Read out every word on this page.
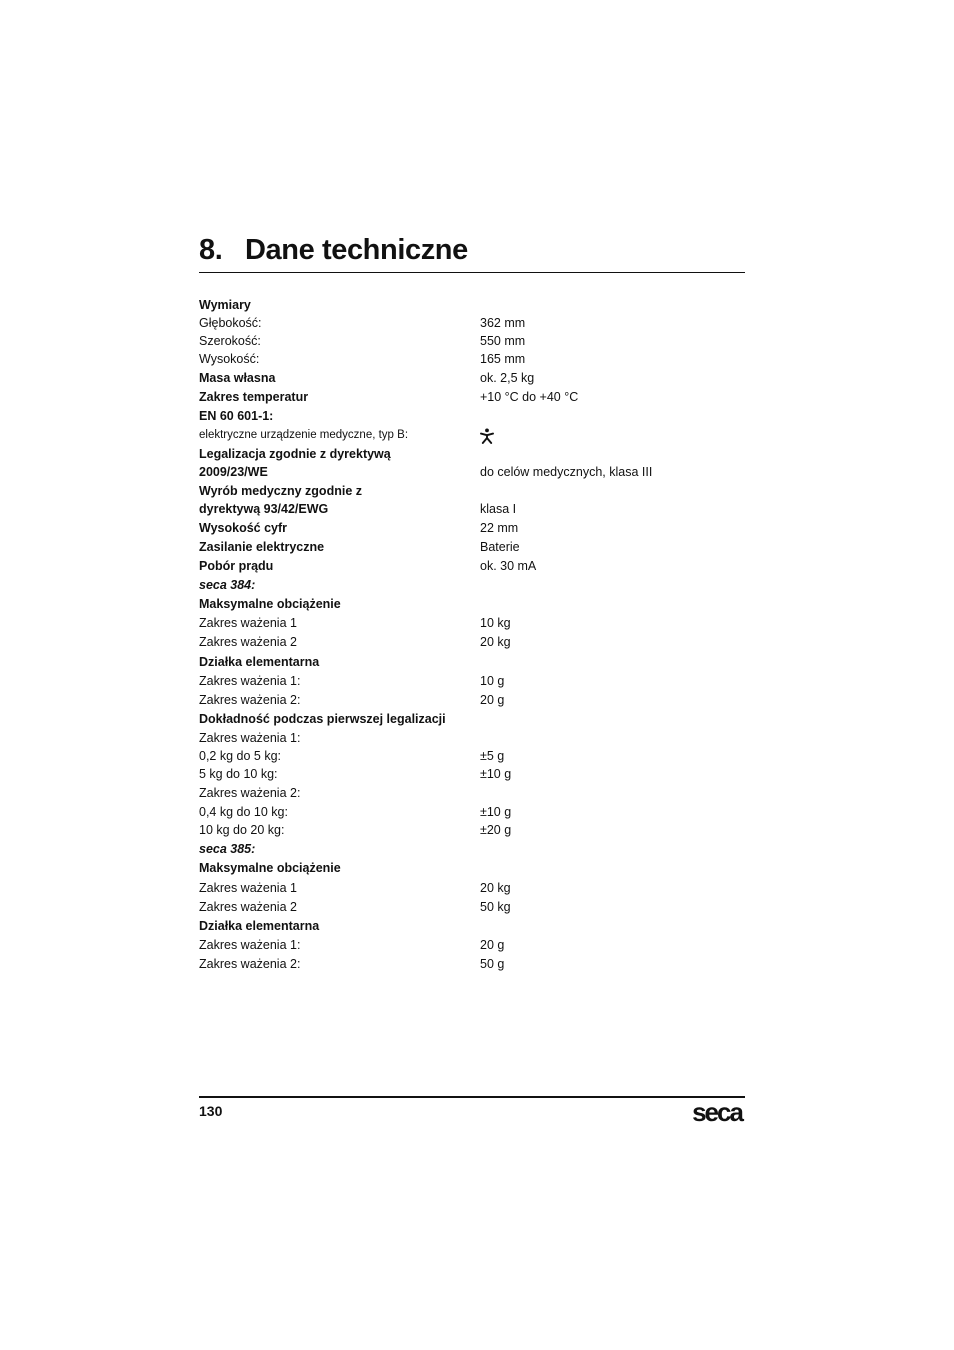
8. Dane techniczne
Wymiary
Głębokość:	362 mm
Szerokość:	550 mm
Wysokość:	165 mm
Masa własna	ok. 2,5 kg
Zakres temperatur	+10 °C do +40 °C
EN 60 601-1:
elektryczne urządzenie medyczne, typ B:
Legalizacja zgodnie z dyrektywą
2009/23/WE	do celów medycznych, klasa III
Wyrób medyczny zgodnie z
dyrektywą 93/42/EWG	klasa I
Wysokość cyfr	22 mm
Zasilanie elektryczne	Baterie
Pobór prądu	ok. 30 mA
seca 384:
Maksymalne obciążenie
Zakres ważenia 1	10 kg
Zakres ważenia 2	20 kg
Działka elementarna
Zakres ważenia 1:	10 g
Zakres ważenia 2:	20 g
Dokładność podczas pierwszej legalizacji
Zakres ważenia 1:
0,2 kg do 5 kg:	±5 g
5 kg do 10 kg:	±10 g
Zakres ważenia 2:
0,4 kg do 10 kg:	±10 g
10 kg do 20 kg:	±20 g
seca 385:
Maksymalne obciążenie
Zakres ważenia 1	20 kg
Zakres ważenia 2	50 kg
Działka elementarna
Zakres ważenia 1:	20 g
Zakres ważenia 2:	50 g
130	seca
